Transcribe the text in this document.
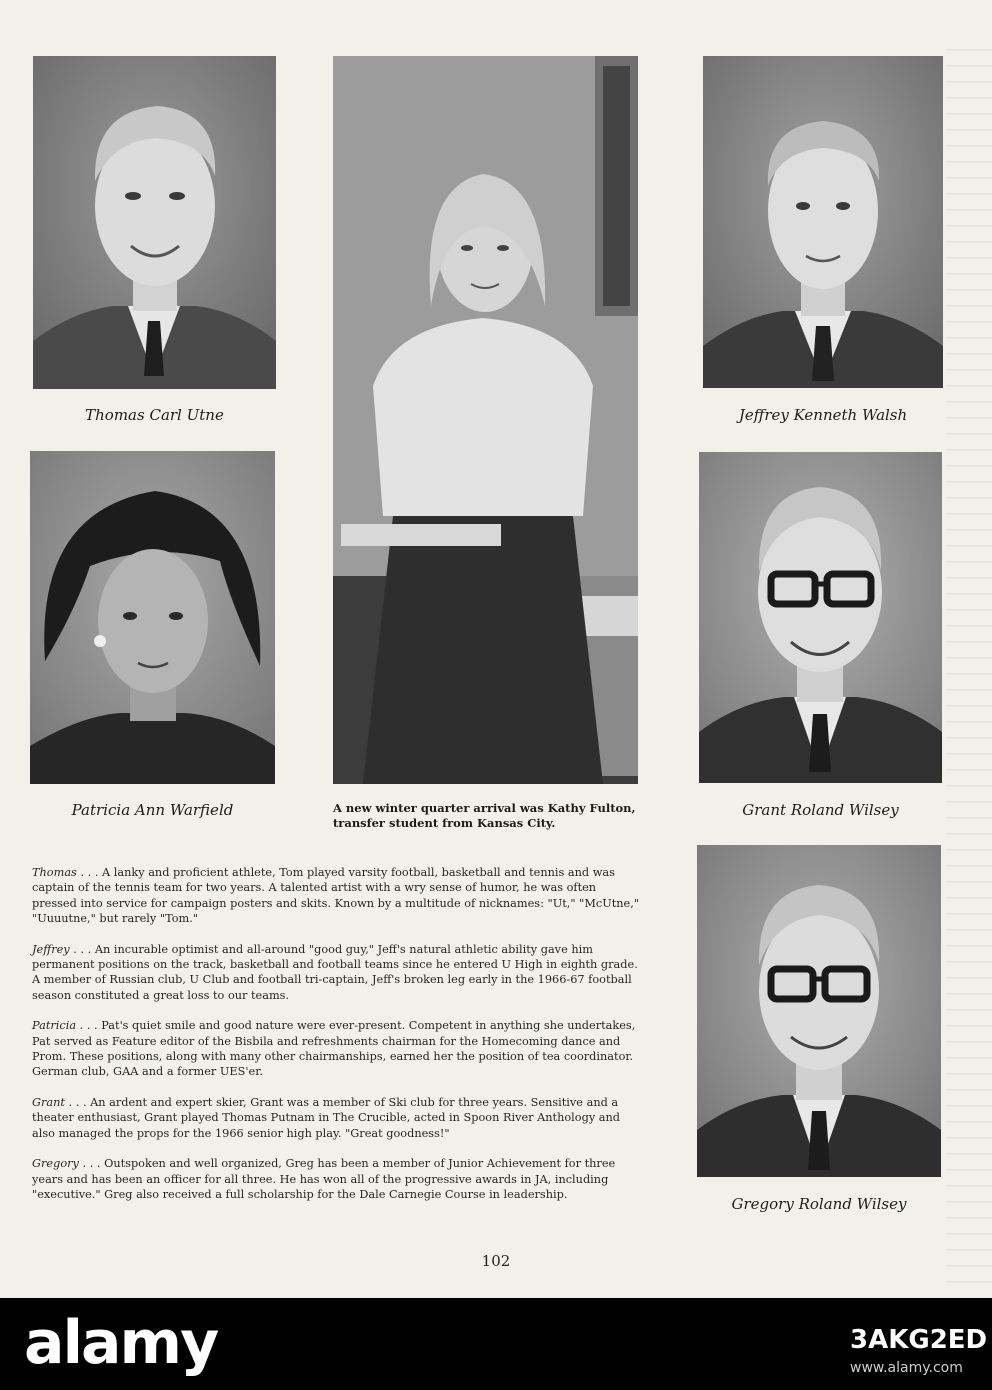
Thomas Carl Utne
A new winter quarter arrival was Kathy Fulton, transfer student from Kansas City.
Jeffrey Kenneth Walsh
Patricia Ann Warfield	Grant Roland Wilsey
Gregory Roland Wilsey

Thomas . . . A lanky and proficient athlete, Tom played varsity football, basketball and tennis and was captain of the tennis team for two years. A talented artist with a wry sense of humor, he was often pressed into service for campaign posters and skits. Known by a multitude of nicknames: "Ut," "McUtne," "Uuuutne," but rarely "Tom."

Jeffrey . . . An incurable optimist and all-around "good guy," Jeff's natural athletic ability gave him permanent positions on the track, basketball and football teams since he entered U High in eighth grade. A member of Russian club, U Club and football tri-captain, Jeff's broken leg early in the 1966-67 football season constituted a great loss to our teams.

Patricia . . . Pat's quiet smile and good nature were ever-present. Competent in anything she undertakes, Pat served as Feature editor of the Bisbila and refreshments chairman for the Homecoming dance and Prom. These positions, along with many other chairmanships, earned her the position of tea coordinator. German club, GAA and a former UES'er.

Grant . . . An ardent and expert skier, Grant was a member of Ski club for three years. Sensitive and a theater enthusiast, Grant played Thomas Putnam in The Crucible, acted in Spoon River Anthology and also managed the props for the 1966 senior high play. "Great goodness!"

Gregory . . . Outspoken and well organized, Greg has been a member of Junior Achievement for three years and has been an officer for all three. He has won all of the progressive awards in JA, including "executive." Greg also received a full scholarship for the Dale Carnegie Course in leadership.

102
alamy	3AKG2ED
www.alamy.com
